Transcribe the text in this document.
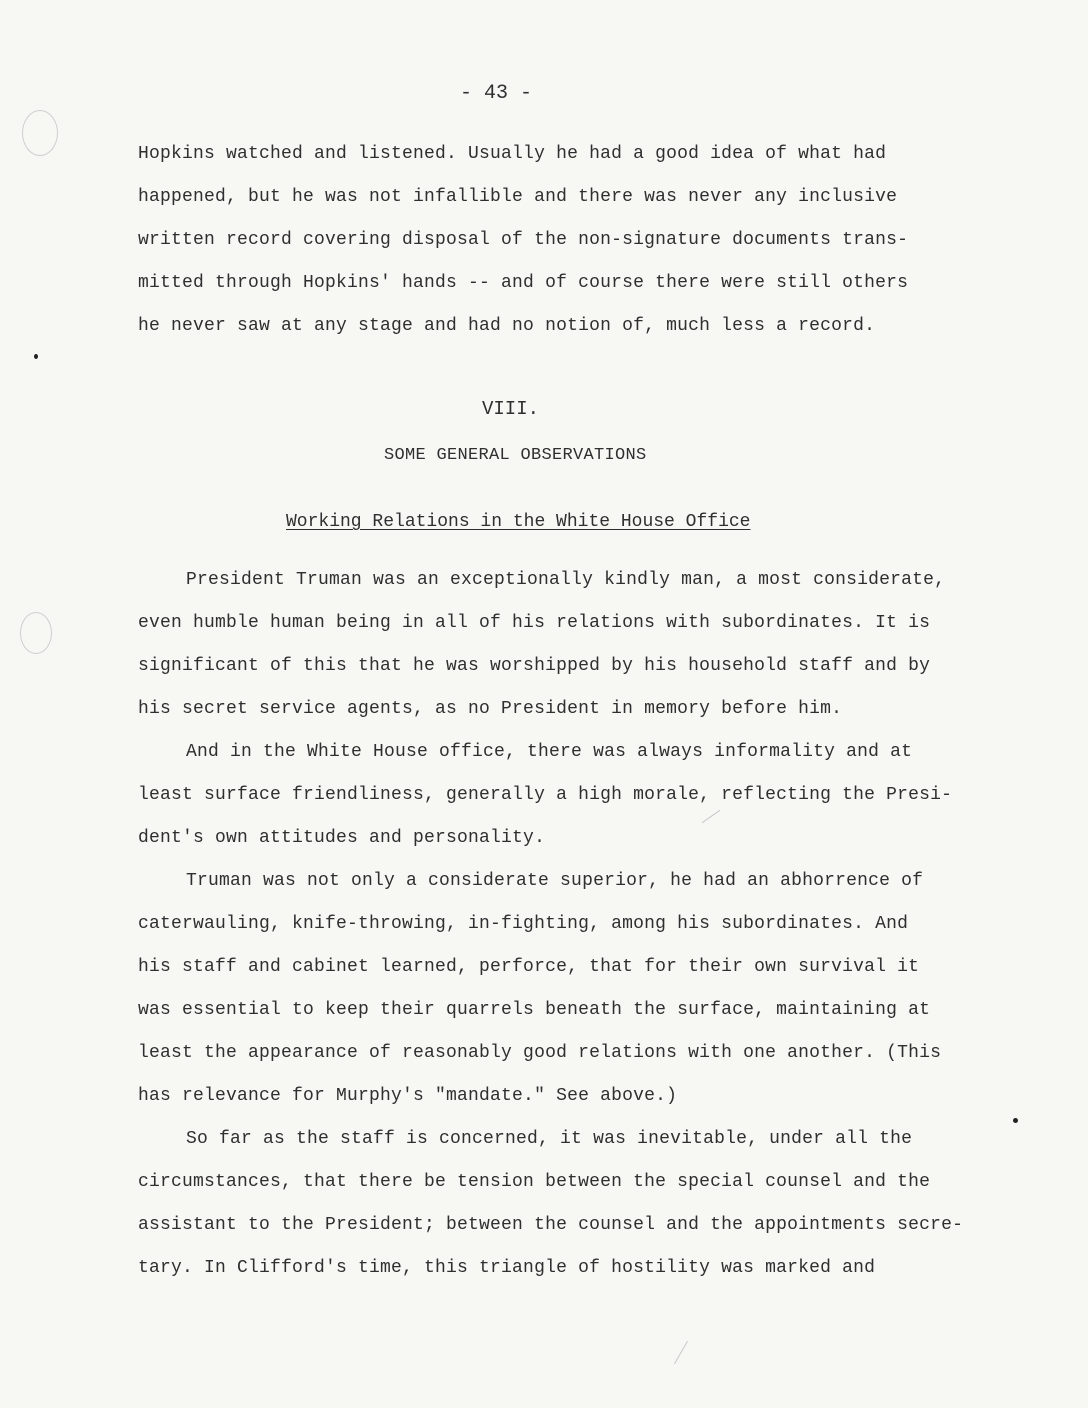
- 43 -
Hopkins watched and listened. Usually he had a good idea of what had
happened, but he was not infallible and there was never any inclusive
written record covering disposal of the non-signature documents trans-
mitted through Hopkins' hands -- and of course there were still others
he never saw at any stage and had no notion of, much less a record.
VIII.
SOME GENERAL OBSERVATIONS
Working Relations in the White House Office
President Truman was an exceptionally kindly man, a most considerate,
even humble human being in all of his relations with subordinates. It is
significant of this that he was worshipped by his household staff and by
his secret service agents, as no President in memory before him.
And in the White House office, there was always informality and at
least surface friendliness, generally a high morale, reflecting the Presi-
dent's own attitudes and personality.
Truman was not only a considerate superior, he had an abhorrence of
caterwauling, knife-throwing, in-fighting, among his subordinates. And
his staff and cabinet learned, perforce, that for their own survival it
was essential to keep their quarrels beneath the surface, maintaining at
least the appearance of reasonably good relations with one another. (This
has relevance for Murphy's "mandate." See above.)
So far as the staff is concerned, it was inevitable, under all the
circumstances, that there be tension between the special counsel and the
assistant to the President; between the counsel and the appointments secre-
tary. In Clifford's time, this triangle of hostility was marked and
